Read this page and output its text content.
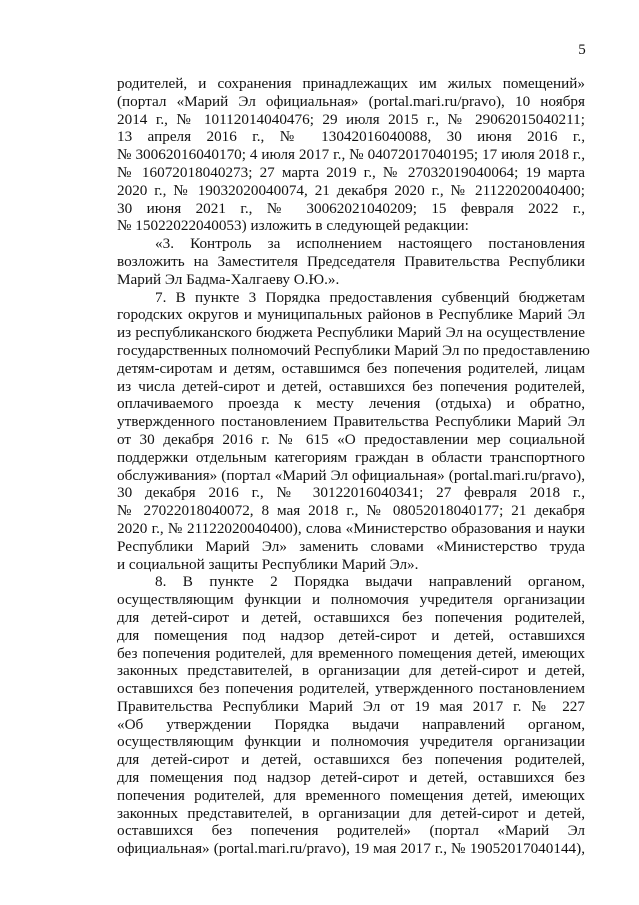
5
родителей, и сохранения принадлежащих им жилых помещений»
(портал «Марий Эл официальная» (portal.mari.ru/pravo), 10 ноября
2014 г., № 10112014040476; 29 июля 2015 г., № 29062015040211;
13 апреля 2016 г., № 13042016040088, 30 июня 2016 г.,
№ 30062016040170; 4 июля 2017 г., № 04072017040195; 17 июля 2018 г.,
№ 16072018040273; 27 марта 2019 г., № 27032019040064; 19 марта
2020 г., № 19032020040074, 21 декабря 2020 г., № 21122020040400;
30 июня 2021 г., № 30062021040209; 15 февраля 2022 г.,
№ 15022022040053) изложить в следующей редакции:
«3. Контроль за исполнением настоящего постановления
возложить на Заместителя Председателя Правительства Республики
Марий Эл Бадма-Халгаеву О.Ю.».
7. В пункте 3 Порядка предоставления субвенций бюджетам
городских округов и муниципальных районов в Республике Марий Эл
из республиканского бюджета Республики Марий Эл на осуществление
государственных полномочий Республики Марий Эл по предоставлению
детям-сиротам и детям, оставшимся без попечения родителей, лицам
из числа детей-сирот и детей, оставшихся без попечения родителей,
оплачиваемого проезда к месту лечения (отдыха) и обратно,
утвержденного постановлением Правительства Республики Марий Эл
от 30 декабря 2016 г. № 615 «О предоставлении мер социальной
поддержки отдельным категориям граждан в области транспортного
обслуживания» (портал «Марий Эл официальная» (portal.mari.ru/pravo),
30 декабря 2016 г., № 30122016040341; 27 февраля 2018 г.,
№ 27022018040072, 8 мая 2018 г., № 08052018040177; 21 декабря
2020 г., № 21122020040400), слова «Министерство образования и науки
Республики Марий Эл» заменить словами «Министерство труда
и социальной защиты Республики Марий Эл».
8. В пункте 2 Порядка выдачи направлений органом,
осуществляющим функции и полномочия учредителя организации
для детей-сирот и детей, оставшихся без попечения родителей,
для помещения под надзор детей-сирот и детей, оставшихся
без попечения родителей, для временного помещения детей, имеющих
законных представителей, в организации для детей-сирот и детей,
оставшихся без попечения родителей, утвержденного постановлением
Правительства Республики Марий Эл от 19 мая 2017 г. № 227
«Об утверждении Порядка выдачи направлений органом,
осуществляющим функции и полномочия учредителя организации
для детей-сирот и детей, оставшихся без попечения родителей,
для помещения под надзор детей-сирот и детей, оставшихся без
попечения родителей, для временного помещения детей, имеющих
законных представителей, в организации для детей-сирот и детей,
оставшихся без попечения родителей» (портал «Марий Эл
официальная» (portal.mari.ru/pravo), 19 мая 2017 г., № 19052017040144),
